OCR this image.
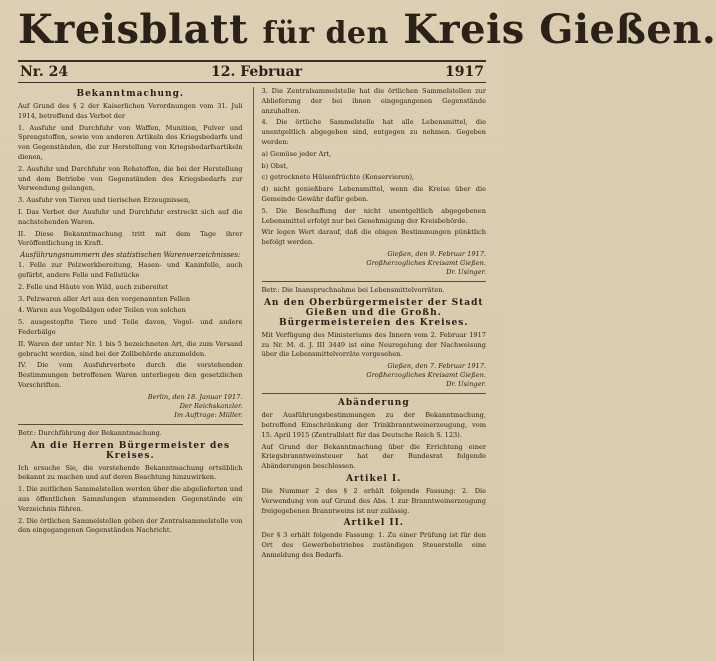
Kreisblatt für den Kreis Gießen.
Nr. 24	12. Februar	1917
Bekanntmachung.

Auf Grund des § 2 der Kaiserlichen Verordnungen vom 31. Juli 1914, betreffend das Verbot der

1. Ausfuhr und Durchfuhr von Waffen, Munition, Pulver und Sprengstoffen, sowie von anderen Artikeln des Kriegsbedarfs und von Gegenständen, die zur Herstellung von Kriegsbedarfsartikeln dienen,

2. Ausfuhr und Durchfuhr von Rohstoffen, die bei der Herstellung und dem Betriebe von Gegenständen des Kriegsbedarfs zur Verwendung gelangen,

3. Ausfuhr von Tieren und tierischen Erzeugnissen,

I. Das Verbot der Ausfuhr und Durchfuhr erstreckt sich auf die nachstehenden Waren.

II. Diese Bekanntmachung tritt mit dem Tage ihrer Veröffentlichung in Kraft.

Ausführungsnummern des statistischen Warenverzeichnisses:

1. Felle zur Pelzwerkbereitung, Hasen- und Kaninfelle, auch gefärbt, andere Felle und Fellstücke

2. Felle und Häute von Wild, auch zubereitet

3. Pelzwaren aller Art aus den vorgenannten Fellen

4. Waren aus Vogelbälgen oder Teilen von solchen

5. ausgestopfte Tiere und Teile davon, Vogel- und andere Federbälge

II. Waren der unter Nr. 1 bis 5 bezeichneten Art, die zum Versand gebracht werden, sind bei der Zollbehörde anzumelden.

IV. Die vom Ausfuhrverbote durch die vorstehenden Bestimmungen betroffenen Waren unterliegen den gesetzlichen Vorschriften.

Berlin, den 18. Januar 1917.
Der Reichskanzler.
Im Auftrage: Müller.

Betr.: Durchführung der Bekanntmachung.

An die Herren Bürgermeister des Kreises.

Ich ersuche Sie, die vorstehende Bekanntmachung ortsüblich bekannt zu machen und auf deren Beachtung hinzuwirken.

1. Die zeitlichen Sammelstellen werden über die abgelieferten und aus öffentlichen Sammlungen stammenden Gegenstände ein Verzeichnis führen.

2. Die örtlichen Sammelstellen geben der Zentralsammelstelle von den eingegangenen Gegenständen Nachricht.

3. Die Zentralsammelstelle hat die örtlichen Sammelstellen zur Ablieferung der bei ihnen eingegangenen Gegenstände anzuhalten.

4. Die örtliche Sammelstelle hat alle Lebensmittel, die unentgeltlich abgegeben sind, entgegen zu nehmen. Gegeben werden:

a) Gemüse jeder Art,

b) Obst,

c) getrocknete Hülsenfrüchte (Konservieren),

d) nicht genießbare Lebensmittel, wenn die Kreise über die Gemeinde Gewähr dafür geben.

5. Die Beschaffung der nicht unentgeltlich abgegebenen Lebensmittel erfolgt nur bei Genehmigung der Kreisbehörde.

Wir legen Wert darauf, daß die obigen Bestimmungen pünktlich befolgt werden.

Gießen, den 9. Februar 1917.
Großherzogliches Kreisamt Gießen.
Dr. Usinger.

Betr.: Die Inanspruchnahme bei Lebensmittelvorräten.

An den Oberbürgermeister der Stadt Gießen und die Großh. Bürgermeistereien des Kreises.

Mit Verfügung des Ministeriums des Innern vom 2. Februar 1917 zu Nr. M. d. J. III 3449 ist eine Neuregelung der Nachweisung über die Lebensmittelvorräte vorgesehen.

Gießen, den 7. Februar 1917.
Großherzogliches Kreisamt Gießen.
Dr. Usinger.
Abänderung

der Ausführungsbestimmungen zu der Bekanntmachung, betreffend Einschränkung der Trinkbranntweinerzeugung, vom 15. April 1915 (Zentralblatt für das Deutsche Reich S. 123).

Auf Grund der Bekanntmachung über die Errichtung einer Kriegsbranntweinsteuer hat der Bundesrat folgende Abänderungen beschlossen.

Artikel I.

Die Nummer 2 des § 2 erhält folgende Fassung: 2. Die Verwendung von auf Grund des Abs. 1 zur Branntweinerzeugung freigegebenen Branntweins ist nur zulässig.

Artikel II.

Der § 3 erhält folgende Fassung: 1. Zu einer Prüfung ist für den Ort des Gewerbebetriebes zuständigen Steuerstelle eine Anmeldung des Bedarfs.
